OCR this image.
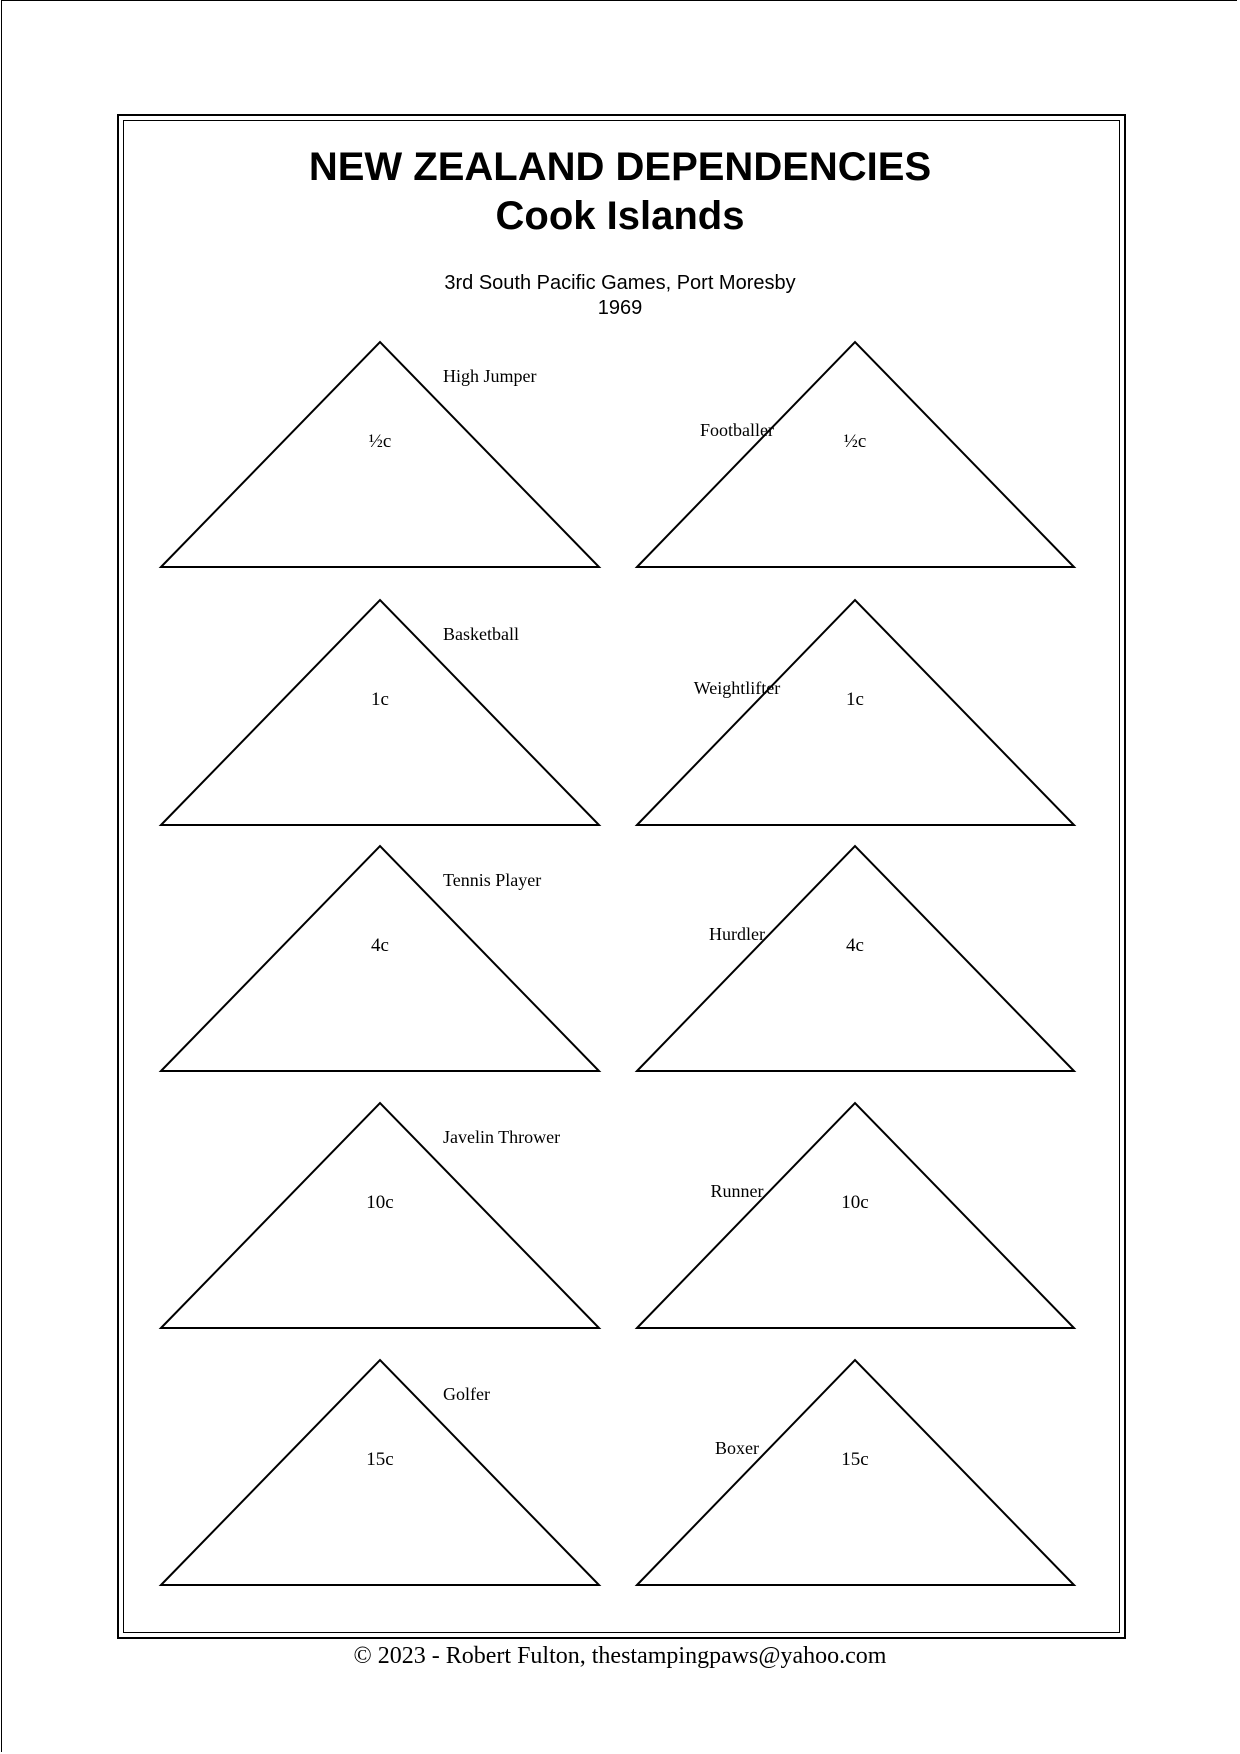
NEW ZEALAND DEPENDENCIES
Cook Islands
3rd South Pacific Games, Port Moresby
1969
High Jumper
½c
Footballer
½c
Basketball
1c
Weightlifter
1c
Tennis Player
4c
Hurdler
4c
Javelin Thrower
10c
Runner
10c
Golfer
15c
Boxer
15c
© 2023 - Robert Fulton, thestampingpaws@yahoo.com
